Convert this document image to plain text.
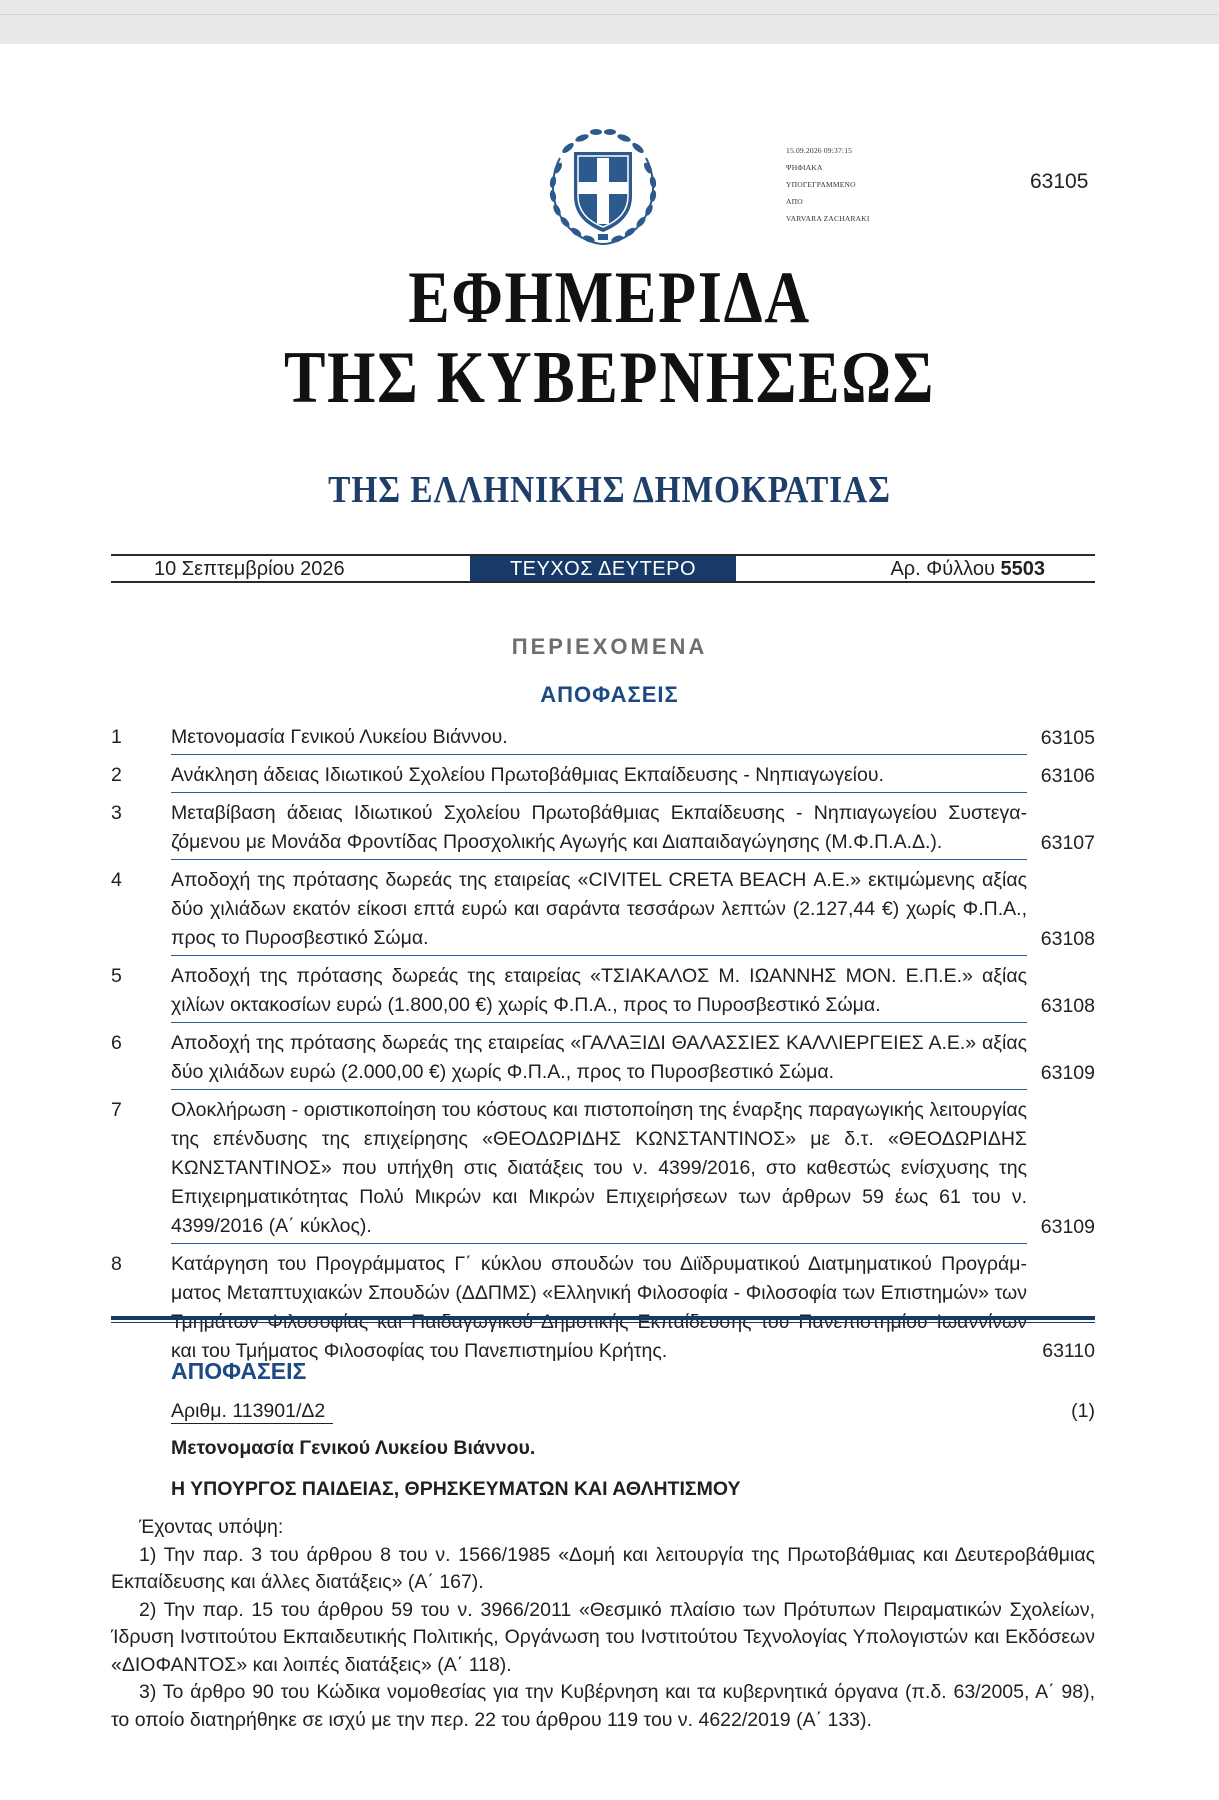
15.09.2026 09:37:15
ΨΗΦΙΑΚΑ
ΥΠΟΓΕΓΡΑΜΜΕΝΟ
ΑΠΟ
VARVARA ZACHARAKI
63105
ΕΦΗΜΕΡΙΔΑ
ΤΗΣ ΚΥΒΕΡΝΗΣΕΩΣ
ΤΗΣ ΕΛΛΗΝΙΚΗΣ ΔΗΜΟΚΡΑΤΙΑΣ
10 Σεπτεμβρίου 2026	ΤΕΥΧΟΣ ΔΕΥΤΕΡΟ	Αρ. Φύλλου 5503
ΠΕΡΙΕΧΟΜΕΝΑ
ΑΠΟΦΑΣΕΙΣ
1	Μετονομασία Γενικού Λυκείου Βιάννου.	63105
2	Ανάκληση άδειας Ιδιωτικού Σχολείου Πρωτοβάθμιας Εκπαίδευσης - Νηπιαγωγείου.	63106
3	Μεταβίβαση άδειας Ιδιωτικού Σχολείου Πρωτοβάθμιας Εκπαίδευσης - Νηπιαγωγείου Συστεγαζόμενου με Μονάδα Φροντίδας Προσχολικής Αγωγής και Διαπαιδαγώγησης (Μ.Φ.Π.Α.Δ.).	63107
4	Αποδοχή της πρότασης δωρεάς της εταιρείας «CIVITEL CRETA BEACH Α.Ε.» εκτιμώμενης αξίας δύο χιλιάδων εκατόν είκοσι επτά ευρώ και σαράντα τεσσάρων λεπτών (2.127,44 €) χωρίς Φ.Π.Α., προς το Πυροσβεστικό Σώμα.	63108
5	Αποδοχή της πρότασης δωρεάς της εταιρείας «ΤΣΙΑΚΑΛΟΣ Μ. ΙΩΑΝΝΗΣ ΜΟΝ. Ε.Π.Ε.» αξίας χιλίων οκτακοσίων ευρώ (1.800,00 €) χωρίς Φ.Π.Α., προς το Πυροσβεστικό Σώμα.	63108
6	Αποδοχή της πρότασης δωρεάς της εταιρείας «ΓΑΛΑΞΙΔΙ ΘΑΛΑΣΣΙΕΣ ΚΑΛΛΙΕΡΓΕΙΕΣ Α.Ε.» αξίας δύο χιλιάδων ευρώ (2.000,00 €) χωρίς Φ.Π.Α., προς το Πυροσβεστικό Σώμα.	63109
7	Ολοκλήρωση - οριστικοποίηση του κόστους και πιστοποίηση της έναρξης παραγωγικής λειτουργίας της επένδυσης της επιχείρησης «ΘΕΟΔΩΡΙΔΗΣ ΚΩΝΣΤΑΝΤΙΝΟΣ» με δ.τ. «ΘΕΟΔΩΡΙΔΗΣ ΚΩΝΣΤΑΝΤΙΝΟΣ» που υπήχθη στις διατάξεις του ν. 4399/2016, στο καθεστώς ενίσχυσης της Επιχειρηματικότητας Πολύ Μικρών και Μικρών Επιχειρήσεων των άρθρων 59 έως 61 του ν. 4399/2016 (Α΄ κύκλος).	63109
8	Κατάργηση του Προγράμματος Γ΄ κύκλου σπουδών του Διϊδρυματικού Διατμηματικού Προγράμματος Μεταπτυχιακών Σπουδών (ΔΔΠΜΣ) «Ελληνική Φιλοσοφία - Φιλοσοφία των Επιστημών» των και του Τμήματος Φιλοσοφίας του Πανεπιστημίου Κρήτης.	63110
ΑΠΟΦΑΣΕΙΣ
Αριθμ. 113901/Δ2	(1)
Μετονομασία Γενικού Λυκείου Βιάννου.
Η ΥΠΟΥΡΓΟΣ ΠΑΙΔΕΙΑΣ, ΘΡΗΣΚΕΥΜΑΤΩΝ ΚΑΙ ΑΘΛΗΤΙΣΜΟΥ

Έχοντας υπόψη:

1) Την παρ. 3 του άρθρου 8 του ν. 1566/1985 «Δομή και λειτουργία της Πρωτοβάθμιας και Δευτεροβάθμιας Εκπαίδευσης και άλλες διατάξεις» (Α΄ 167).

2) Την παρ. 15 του άρθρου 59 του ν. 3966/2011 «Θεσμικό πλαίσιο των Πρότυπων Πειραματικών Σχολείων, Ίδρυση Ινστιτούτου Εκπαιδευτικής Πολιτικής, Οργάνωση του Ινστιτούτου Τεχνολογίας Υπολογιστών και Εκδόσεων «ΔΙΟΦΑΝΤΟΣ» και λοιπές διατάξεις» (Α΄ 118).

3) Το άρθρο 90 του Κώδικα νομοθεσίας για την Κυβέρνηση και τα κυβερνητικά όργανα (π.δ. 63/2005, Α΄ 98), το οποίο διατηρήθηκε σε ισχύ με την περ. 22 του άρθρου 119 του ν. 4622/2019 (Α΄ 133).
